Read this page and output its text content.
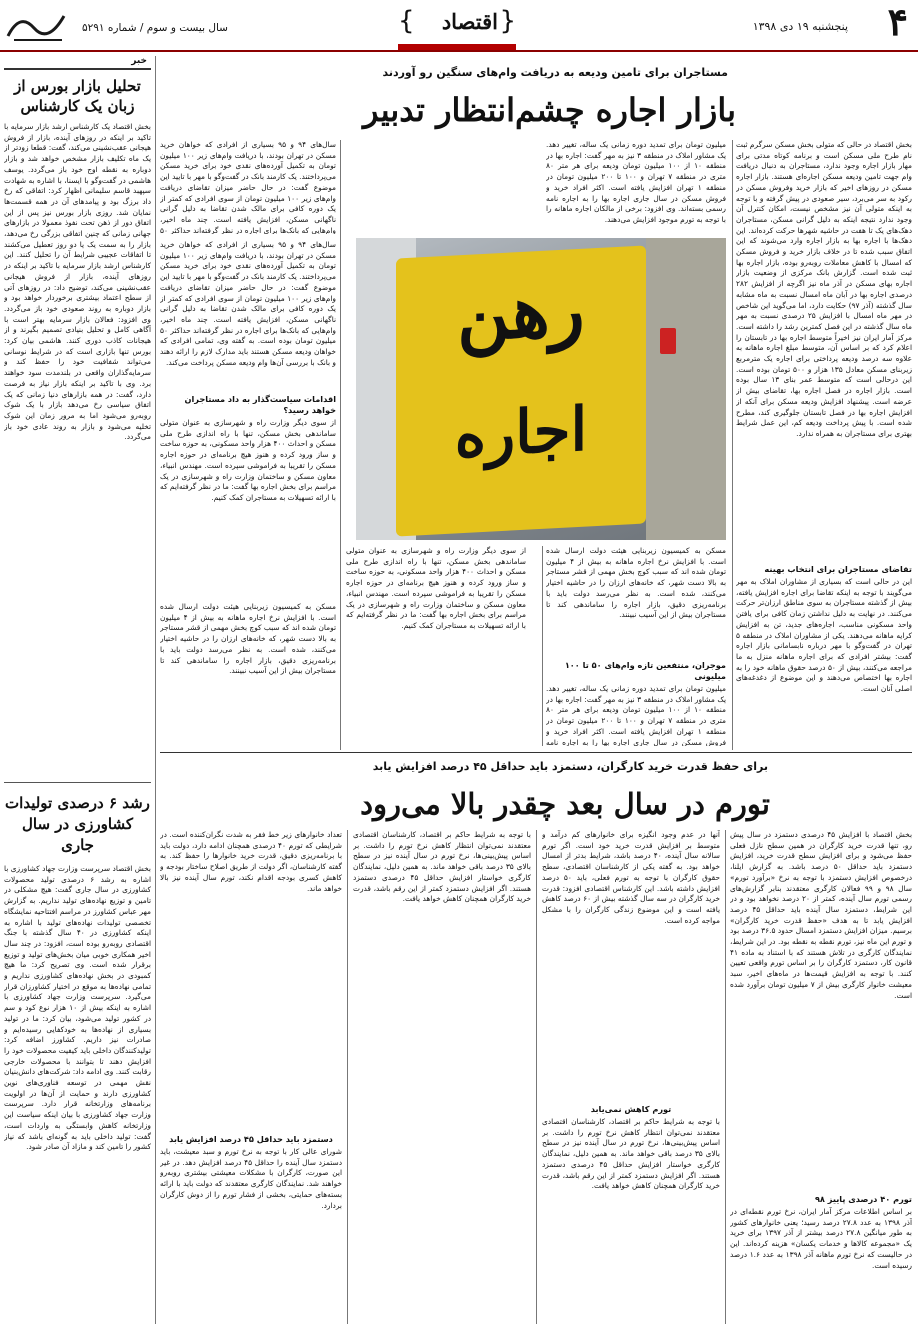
۴
پنجشنبه ۱۹ دی ۱۳۹۸
{
اقتصاد
}
سال بیست و سوم / شماره ۵۲۹۱
خبر
تحلیل بازار بورس از زبان یک کارشناس

بخش اقتصاد یک کارشناس ارشد بازار سرمایه با تاکید بر اینکه در روزهای آینده، بازار از فروش هیجانی عقب‌نشینی می‌کند، گفت: قطعا زودتر از یک ماه تکلیف بازار مشخص خواهد شد و بازار دوباره به نقطه اوج خود باز می‌گردد. یوسف هاشمی در گفت‌وگو با ایسنا، با اشاره به شهادت سپهبد قاسم سلیمانی اظهار کرد: اتفاقی که رخ داد برزگ بود و پیامدهای آن در همه قسمت‌ها نمایان شد. روزی بازار بورس نیز پس از این اتفاق دور از ذهن تحت نفوذ معمولا در بازارهای جهانی زمانی که چنین اتفاقی بزرگی رخ می‌دهد، بازار را به سمت یک یا دو روز تعطیل می‌کشند تا اتفاقات عجیبی شرایط آن را تحلیل کنند. این کارشناس ارشد بازار سرمایه با تاکید بر اینکه در روزهای آینده، بازار از فروش هیجانی عقب‌نشینی می‌کند، توضیح داد: در روزهای آتی از سطح اعتماد بیشتری برخوردار خواهد بود و بازار دوباره به روند صعودی خود باز می‌گردد. وی افزود: فعالان بازار سرمایه بهتر است با آگاهی کامل و تحلیل بنیادی تصمیم بگیرند و از هیجانات کاذب دوری کنند. هاشمی بیان کرد: بورس تنها بازاری است که در شرایط نوسانی می‌تواند شفافیت خود را حفظ کند و سرمایه‌گذاران واقعی در بلندمدت سود خواهند برد. وی با تاکید بر اینکه بازار نیاز به فرصت دارد، گفت: در همه بازارهای دنیا زمانی که یک اتفاق سیاسی رخ می‌دهد بازار با یک شوک روبه‌رو می‌شود اما به مرور زمان این شوک تخلیه می‌شود و بازار به روند عادی خود باز می‌گردد.

رشد ۶ درصدی تولیدات کشاورزی در سال جاری

بخش اقتصاد سرپرست وزارت جهاد کشاورزی با اشاره به رشد ۶ درصدی تولید محصولات کشاورزی در سال جاری گفت: هیچ مشکلی در تامین و توزیع نهاده‌های تولید نداریم. به گزارش مهر عباس کشاورز در مراسم افتتاحیه نمایشگاه تخصصی تولیدات نهاده‌های تولید با اشاره به اینکه کشاورزی در ۴۰ سال گذشته با جنگ اقتصادی روبه‌رو بوده است، افزود: در چند سال اخیر همکاری خوبی میان بخش‌های تولید و توزیع برقرار شده است. وی تصریح کرد: ما هیچ کمبودی در بخش نهاده‌های کشاورزی نداریم و تمامی نهاده‌ها به موقع در اختیار کشاورزان قرار می‌گیرد. سرپرست وزارت جهاد کشاورزی با اشاره به اینکه بیش از ۱۰ هزار نوع کود و سم در کشور تولید می‌شود، بیان کرد: ما در تولید بسیاری از نهاده‌ها به خودکفایی رسیده‌ایم و صادرات نیز داریم. کشاورز اضافه کرد: تولیدکنندگان داخلی باید کیفیت محصولات خود را افزایش دهند تا بتوانند با محصولات خارجی رقابت کنند. وی ادامه داد: شرکت‌های دانش‌بنیان نقش مهمی در توسعه فناوری‌های نوین کشاورزی دارند و حمایت از آن‌ها در اولویت برنامه‌های وزارتخانه قرار دارد. سرپرست وزارت جهاد کشاورزی با بیان اینکه سیاست این وزارتخانه کاهش وابستگی به واردات است، گفت: تولید داخلی باید به گونه‌ای باشد که نیاز کشور را تامین کند و مازاد آن صادر شود.

مستاجران برای تامین ودیعه به دریافت وام‌های سنگین رو آوردند
بازار اجاره چشم‌انتظار تدبیر

بخش اقتصاد در حالی که متولی بخش مسکن سرگرم ثبت نام طرح ملی مسکن است و برنامه کوتاه مدتی برای مهار بازار اجاره وجود ندارد، مستاجران به دنبال دریافت وام جهت تامین ودیعه مسکن اجاره‌ای هستند. بازار اجاره مسکن در روزهای اخیر که بازار خرید وفروش مسکن در رکود به سر می‌برد، سیر صعودی در پیش گرفته و با توجه به اینکه متولی آن نیز مشخص نیست، امکان کنترل آن وجود ندارد نتیجه اینکه به دلیل گرانی مسکن، مستاجران دهک‌های یک تا هفت در حاشیه شهرها حرکت کرده‌اند. این دهک‌ها با اجاره بها به بازار اجاره وارد می‌شوند که این اتفاق سبب شده تا در خلاف بازار خرید و فروش مسکن که امسال با کاهش معاملات روبه‌رو بوده، بازار اجاره بها ثبت شده است. گزارش بانک مرکزی از وضعیت بازار اجاره بهای مسکن در آذر ماه نیز اگرچه از افزایش ۲۸۲ درصدی اجاره بها در آبان ماه امسال نسبت به ماه مشابه سال گذشته (آذر ۹۷) حکایت دارد، اما می‌گوید این شاخص در مهر ماه امسال با افزایش ۲۵ درصدی نسبت به مهر ماه سال گذشته در این فصل کمترین رشد را داشته است. مرکز آمار ایران نیز اخیراً متوسط اجاره بها در تابستان را اعلام کرد که بر اساس آن، متوسط مبلغ اجاره ماهانه به علاوه سه درصد ودیعه پرداختی برای اجاره یک مترمربع زیربنای مسکن معادل ۱۳۵ هزار و ۵۰۰ تومان بوده است. این درحالی است که متوسط عمر بنای ۱۳ سال بوده است. بازار اجاره در فصل اجاره بها، تقاضای بیش از عرضه است. پیشنهاد افزایش ودیعه مسکن برای آنکه از افزایش اجاره بها در فصل تابستان جلوگیری کند، مطرح شده است. با پیش پرداخت ودیعه کم، این عمل شرایط بهتری برای مستاجران به همراه ندارد.

تقاضای مستاجران برای انتخاب بهینه

این در حالی است که بسیاری از مشاوران املاک به مهر می‌گویند با توجه به اینکه تقاضا برای اجاره افزایش یافته، بیش از گذشته مستاجران به سوی مناطق ارزان‌تر حرکت می‌کنند. در نهایت به دلیل نداشتن زمان کافی برای یافتن واحد مسکونی مناسب، اجاره‌های جدید، تن به افزایش کرایه ماهانه می‌دهند. یکی از مشاوران املاک در منطقه ۵ تهران در گفت‌وگو با مهر درباره نابسامانی بازار اجاره گفت: بیشتر افرادی که برای اجاره ماهانه منزل به ما مراجعه می‌کنند، بیش از ۵۰ درصد حقوق ماهانه خود را به اجاره بها اختصاص می‌دهند و این موضوع از دغدغه‌های اصلی آنان است.

رهن
اجاره

سال‌های ۹۴ و ۹۵ بسیاری از افرادی که خواهان خرید مسکن در تهران بودند، با دریافت وام‌های زیر ۱۰۰ میلیون تومان به تکمیل آورده‌های نقدی خود برای خرید مسکن می‌پرداختند. یک کارمند بانک در گفت‌وگو با مهر با تایید این موضوع گفت: در حال حاضر میزان تقاضای دریافت وام‌های زیر ۱۰۰ میلیون تومان از سوی افرادی که کمتر از یک دوره کافی برای مالک شدن تقاضا به دلیل گرانی ناگهانی مسکن، افزایش یافته است. چند ماه اخیر، وام‌هایی که بانک‌ها برای اجاره در نظر گرفته‌اند حداکثر ۵۰

میلیون تومان برای تمدید دوره زمانی یک ساله، تغییر دهد. یک مشاور املاک در منطقه ۳ نیز به مهر گفت: اجاره بها در منطقه ۱۰ از ۱۰۰ میلیون تومان ودیعه برای هر متر ۸۰ متری در منطقه ۷ تهران و ۱۰۰ تا ۲۰۰ میلیون تومان در منطقه ۱ تهران افزایش یافته است. اکثر افراد خرید و فروش مسکن در سال جاری اجاره بها را به اجاره نامه رسمی بسته‌اند. وی افزود: برخی از مالکان اجاره ماهانه را با توجه به تورم موجود افزایش می‌دهند.

سال‌های ۹۴ و ۹۵ بسیاری از افرادی که خواهان خرید مسکن در تهران بودند، با دریافت وام‌های زیر ۱۰۰ میلیون تومان به تکمیل آورده‌های نقدی خود برای خرید مسکن می‌پرداختند. یک کارمند بانک در گفت‌وگو با مهر با تایید این موضوع گفت: در حال حاضر میزان تقاضای دریافت وام‌های زیر ۱۰۰ میلیون تومان از سوی افرادی که کمتر از یک دوره کافی برای مالک شدن تقاضا به دلیل گرانی ناگهانی مسکن، افزایش یافته است. چند ماه اخیر، وام‌هایی که بانک‌ها برای اجاره در نظر گرفته‌اند حداکثر ۵۰ میلیون تومان بوده است. به گفته وی، تمامی افرادی که خواهان ودیعه مسکن هستند باید مدارک لازم را ارائه دهند و بانک با بررسی آن‌ها وام ودیعه مسکن پرداخت می‌کند.

اقدامات سیاست‌گذار به داد مستاجران خواهد رسید؟

از سوی دیگر وزارت راه و شهرسازی به عنوان متولی ساماندهی بخش مسکن، تنها با راه اندازی طرح ملی مسکن و احداث ۴۰۰ هزار واحد مسکونی، به حوزه ساخت و ساز ورود کرده و هنوز هیچ برنامه‌ای در حوزه اجاره مسکن را تقریبا به فراموشی سپرده است. مهندس انبیاء، معاون مسکن و ساختمان وزارت راه و شهرسازی در یک مراسم برای بخش اجاره بها گفت: ما در نظر گرفته‌ایم که با ارائه تسهیلات به مستاجران کمک کنیم.

مسکن به کمیسیون زیربنایی هیئت دولت ارسال شده است. با افزایش نرخ اجاره ماهانه به بیش از ۴ میلیون تومان شده اند که سبب کوچ بخش مهمی از قشر مستاجر به بالا دست شهر، که خانه‌های ارزان را در حاشیه اختیار می‌کنند، شده است. به نظر می‌رسد دولت باید با برنامه‌ریزی دقیق، بازار اجاره را ساماندهی کند تا مستاجران بیش از این آسیب نبینند.

مسکن به کمیسیون زیربنایی هیئت دولت ارسال شده است. با افزایش نرخ اجاره ماهانه به بیش از ۴ میلیون تومان شده اند که سبب کوچ بخش مهمی از قشر مستاجر به بالا دست شهر، که خانه‌های ارزان را در حاشیه اختیار می‌کنند، شده است. به نظر می‌رسد دولت باید با برنامه‌ریزی دقیق، بازار اجاره را ساماندهی کند تا مستاجران بیش از این آسیب نبینند.

موجران، منتفعین تازه وام‌های ۵۰ تا ۱۰۰ میلیونی

میلیون تومان برای تمدید دوره زمانی یک ساله، تغییر دهد. یک مشاور املاک در منطقه ۳ نیز به مهر گفت: اجاره بها در منطقه ۱۰ از ۱۰۰ میلیون تومان ودیعه برای هر متر ۸۰ متری در منطقه ۷ تهران و ۱۰۰ تا ۲۰۰ میلیون تومان در منطقه ۱ تهران افزایش یافته است. اکثر افراد خرید و فروش مسکن در سال جاری اجاره بها را به اجاره نامه

از سوی دیگر وزارت راه و شهرسازی به عنوان متولی ساماندهی بخش مسکن، تنها با راه اندازی طرح ملی مسکن و احداث ۴۰۰ هزار واحد مسکونی، به حوزه ساخت و ساز ورود کرده و هنوز هیچ برنامه‌ای در حوزه اجاره مسکن را تقریبا به فراموشی سپرده است. مهندس انبیاء، معاون مسکن و ساختمان وزارت راه و شهرسازی در یک مراسم برای بخش اجاره بها گفت: ما در نظر گرفته‌ایم که با ارائه تسهیلات به مستاجران کمک کنیم.

برای حفظ قدرت خرید کارگران، دستمزد باید حداقل ۴۵ درصد افزایش یابد
تورم در سال بعد چقدر بالا می‌رود

بخش اقتصاد با افزایش ۴۵ درصدی دستمزد در سال پیش رو، تنها قدرت خرید کارگران در همین سطح نازل فعلی حفظ می‌شود و برای افزایش سطح قدرت خرید، افزایش دستمزد باید حداقل ۵۰ درصد باشد. به گزارش ایلنا، درخصوص افزایش دستمزد با توجه به نرخ «برآورد تورم» سال ۹۸ و ۹۹ فعالان کارگری معتقدند بنابر گزارش‌های رسمی تورم سال آینده، کمتر از ۲۰ درصد نخواهد بود و در این شرایط، دستمزد سال آینده باید حداقل ۴۵ درصد افزایش یابد تا به هدف «حفظ قدرت خرید کارگران» برسیم. میزان افزایش دستمزد امسال حدود ۳۶.۵ درصد بود و تورم این ماه نیز، تورم نقطه به نقطه بود. در این شرایط، نمایندگان کارگری در تلاش هستند که با استناد به ماده ۴۱ قانون کار، دستمزد کارگران را بر اساس تورم واقعی تعیین کنند. با توجه به افزایش قیمت‌ها در ماه‌های اخیر، سبد معیشت خانوار کارگری بیش از ۷ میلیون تومان برآورد شده است.

تورم ۴۰ درصدی پاییز ۹۸

بر اساس اطلاعات مرکز آمار ایران، نرخ تورم نقطه‌ای در آذر ۱۳۹۸ به عدد ۲۷.۸ درصد رسید؛ یعنی خانوارهای کشور به طور میانگین ۲۷.۸ درصد بیشتر از آذر ۱۳۹۷ برای خرید یک «مجموعه کالاها و خدمات یکسان» هزینه کرده‌اند. این در حالیست که نرخ تورم ماهانه آذر ۱۳۹۸ به عدد ۱.۶ درصد رسیده است.

آنها در عدم وجود انگیزه برای خانوارهای کم درآمد و متوسط بر افزایش قدرت خرید خود است. اگر تورم سالانه سال آینده، ۴۰ درصد باشد، شرایط بدتر از امسال خواهد بود. به گفته یکی از کارشناسان اقتصادی، سطح حقوق کارگران با توجه به تورم فعلی، باید ۵۰ درصد افزایش داشته باشد. این کارشناس اقتصادی افزود: قدرت خرید کارگران در سه سال گذشته بیش از ۶۰ درصد کاهش یافته است و این موضوع زندگی کارگران را با مشکل مواجه کرده است.

تورم کاهش نمی‌یابد

با توجه به شرایط حاکم بر اقتصاد، کارشناسان اقتصادی معتقدند نمی‌توان انتظار کاهش نرخ تورم را داشت. بر اساس پیش‌بینی‌ها، نرخ تورم در سال آینده نیز در سطح بالای ۳۵ درصد باقی خواهد ماند. به همین دلیل، نمایندگان کارگری خواستار افزایش حداقل ۴۵ درصدی دستمزد هستند. اگر افزایش دستمزد کمتر از این رقم باشد، قدرت خرید کارگران همچنان کاهش خواهد یافت.

با توجه به شرایط حاکم بر اقتصاد، کارشناسان اقتصادی معتقدند نمی‌توان انتظار کاهش نرخ تورم را داشت. بر اساس پیش‌بینی‌ها، نرخ تورم در سال آینده نیز در سطح بالای ۳۵ درصد باقی خواهد ماند. به همین دلیل، نمایندگان کارگری خواستار افزایش حداقل ۴۵ درصدی دستمزد هستند. اگر افزایش دستمزد کمتر از این رقم باشد، قدرت خرید کارگران همچنان کاهش خواهد یافت.

تعداد خانوارهای زیر خط فقر به شدت نگران‌کننده است. در شرایطی که تورم ۴۰ درصدی همچنان ادامه دارد، دولت باید با برنامه‌ریزی دقیق، قدرت خرید خانوارها را حفظ کند. به گفته کارشناسان، اگر دولت از طریق اصلاح ساختار بودجه و کاهش کسری بودجه اقدام نکند، تورم سال آینده نیز بالا خواهد ماند.

دستمزد باید حداقل ۴۵ درصد افزایش یابد

شورای عالی کار با توجه به نرخ تورم و سبد معیشت، باید دستمزد سال آینده را حداقل ۴۵ درصد افزایش دهد. در غیر این صورت، کارگران با مشکلات معیشتی بیشتری روبه‌رو خواهند شد. نمایندگان کارگری معتقدند که دولت باید با ارائه بسته‌های حمایتی، بخشی از فشار تورم را از دوش کارگران بردارد.
